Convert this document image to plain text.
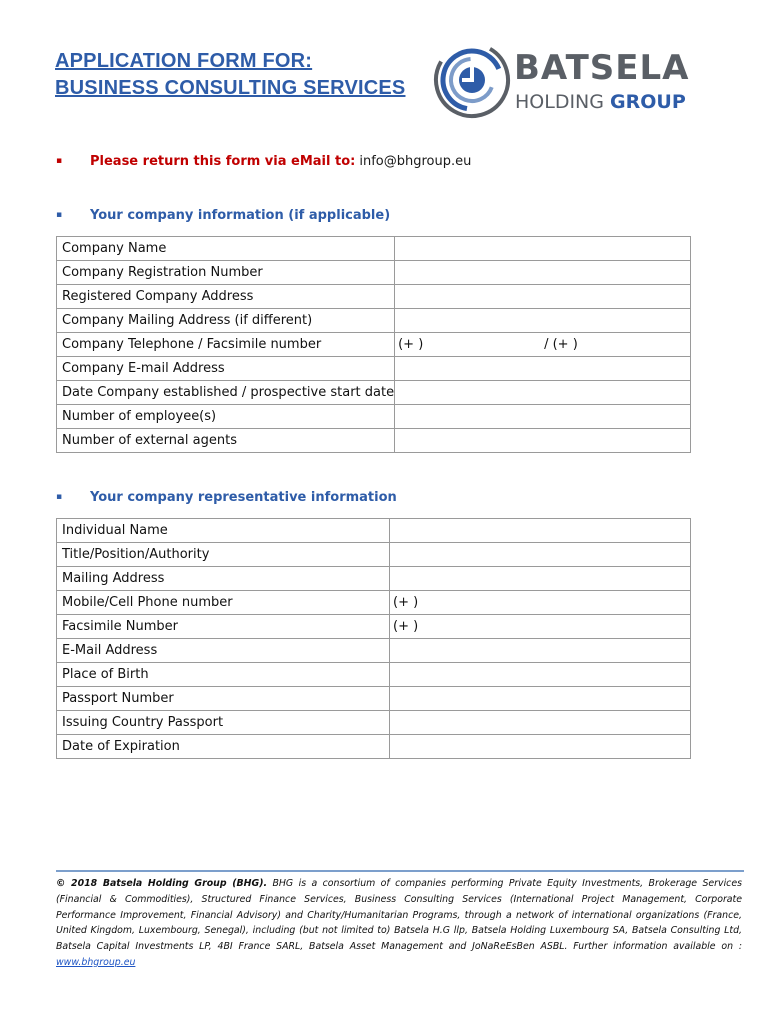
APPLICATION FORM FOR:
BUSINESS CONSULTING SERVICES	BATSELA
HOLDING GROUP
▪ Please return this form via eMail to: info@bhgroup.eu
▪ Your company information (if applicable)
Company Name	
Company Registration Number	
Registered Company Address	
Company Mailing Address (if different)	
Company Telephone / Facsimile number	(+ ) / (+ )

Company E-mail Address	
Date Company established / prospective start date	
Number of employee(s)	
Number of external agents	
▪ Your company representative information
Individual Name	
Title/Position/Authority	
Mailing Address	
Mobile/Cell Phone number	(+ )
Facsimile Number	(+ )
E-Mail Address	
Place of Birth	
Passport Number	
Issuing Country Passport	
Date of Expiration	

© 2018 Batsela Holding Group (BHG). BHG is a consortium of companies performing Private Equity Investments, Brokerage Services (Financial & Commodities), Structured Finance Services, Business Consulting Services (International Project Management, Corporate Performance Improvement, Financial Advisory) and Charity/Humanitarian Programs, through a network of international organizations (France, United Kingdom, Luxembourg, Senegal), including (but not limited to) Batsela H.G llp, Batsela Holding Luxembourg SA, Batsela Consulting Ltd, Batsela Capital Investments LP, 4BI France SARL, Batsela Asset Management and JoNaReEsBen ASBL. Further information available on : www.bhgroup.eu
